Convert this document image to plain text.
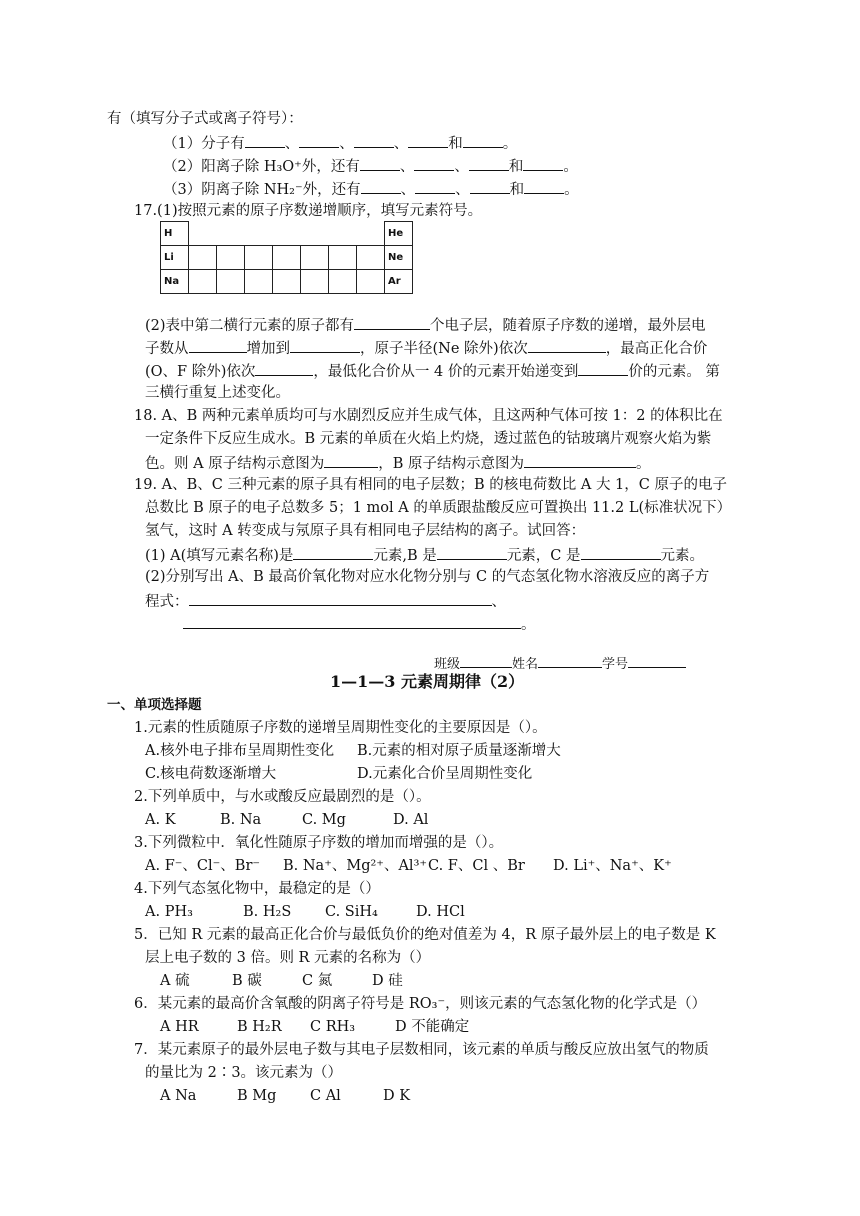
有（填写分子式或离子符号）：
（1）分子有	、	、	、	和	。
（2）阳离子除 H₃O⁺外，还有	、	、	和	。
（3）阴离子除 NH₂⁻外，还有	、	、	和	。
17.(1)按照元素的原子序数递增顺序，填写元素符号。
H								He
Li								Ne
Na								Ar
(2)表中第二横行元素的原子都有	个电子层，随着原子序数的递增，最外层电
子数从	增加到	，原子半径(Ne 除外)依次	，最高正化合价
(O、F 除外)依次	，最低化合价从一 4 价的元素开始递变到	价的元素。 第
三横行重复上述变化。
18. A、B 两种元素单质均可与水剧烈反应并生成气体，且这两种气体可按 1：2 的体积比在
一定条件下反应生成水。B 元素的单质在火焰上灼烧，透过蓝色的钴玻璃片观察火焰为紫
色。则 A 原子结构示意图为	，B 原子结构示意图为	。
19. A、B、C 三种元素的原子具有相同的电子层数；B 的核电荷数比 A 大 1，C 原子的电子
总数比 B 原子的电子总数多 5；1 mol A 的单质跟盐酸反应可置换出 11.2 L(标准状况下）
氢气，这时 A 转变成与氖原子具有相同电子层结构的离子。试回答：
(1) A(填写元素名称)是	元素,B 是	元素，C 是	元素。
(2)分别写出 A、B 最高价氧化物对应水化物分别与 C 的气态氢化物水溶液反应的离子方
程式：	、
。
班级	姓名	学号
1—1—3 元素周期律（2）
一、单项选择题
1.元素的性质随原子序数的递增呈周期性变化的主要原因是（）。
A.核外电子排布呈周期性变化 B.元素的相对原子质量逐渐增大
C.核电荷数逐渐增大	D.元素化合价呈周期性变化
2.下列单质中，与水或酸反应最剧烈的是（）。
A. K	B. Na	C. Mg	D. Al
3.下列微粒中．氧化性随原子序数的增加而增强的是（）。
A. F⁻、Cl⁻、Br⁻ B. Na⁺、Mg²⁺、Al³⁺ C. F、Cl 、Br D. Li⁺、Na⁺、K⁺
4.下列气态氢化物中，最稳定的是（）
A. PH₃	B. H₂S C. SiH₄	D. HCl
5．已知 R 元素的最高正化合价与最低负价的绝对值差为 4，R 原子最外层上的电子数是 K
层上电子数的 3 倍。则 R 元素的名称为（）
A 硫	B 碳	C 氮	D 硅
6．某元素的最高价含氧酸的阴离子符号是 RO₃⁻，则该元素的气态氢化物的化学式是（）
A HR	B H₂R C RH₃	D 不能确定
7．某元素原子的最外层电子数与其电子层数相同，该元素的单质与酸反应放出氢气的物质
的量比为 2∶3。该元素为（）
A Na	B Mg C Al	D K
